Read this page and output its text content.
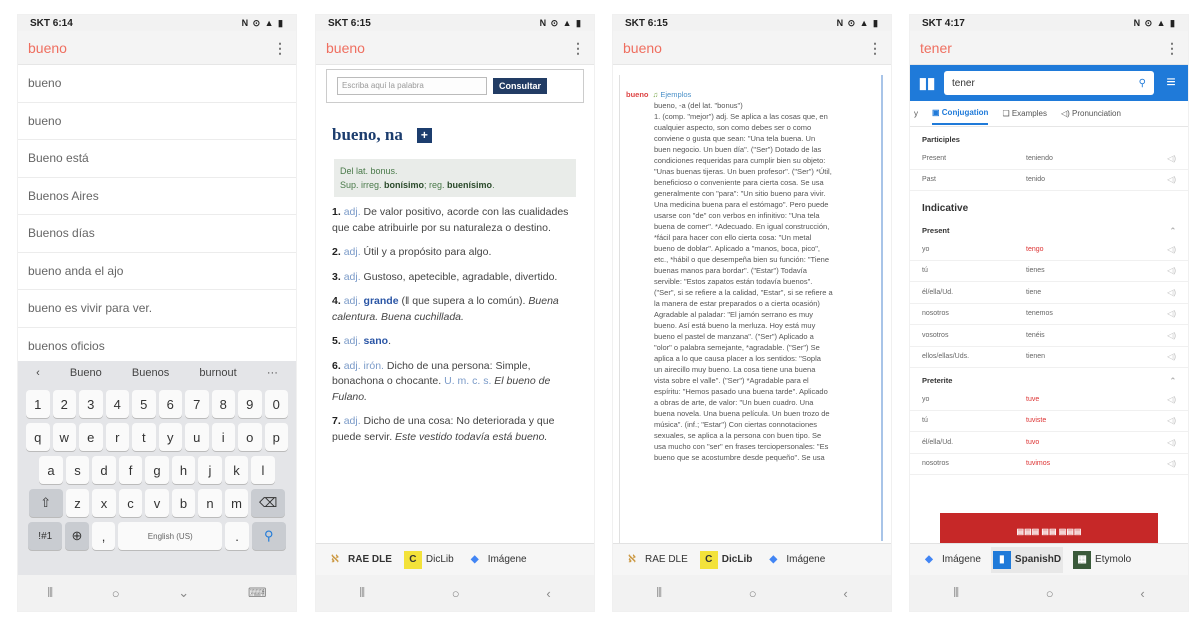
SKT 6:14	N ⊙ ▲ ▮
bueno	⋮
bueno
bueno
Bueno está
Buenos Aires
Buenos días
bueno anda el ajo
bueno es vivir para ver.
buenos oficios
‹	Bueno	Buenos	burnout	···
1	2	3	4	5	6	7	8	9	0
q	w	e	r	t	y	u	i	o	p
a	s	d	f	g	h	j	k	l
⇧	z	x	c	v	b	n	m	⌫
!#1	⊕	,	English (US)	.	⚲
⦀	○	⌄	⌨
SKT 6:15	N ⊙ ▲ ▮
bueno	⋮
Escriba aquí la palabra	Consultar
bueno, na	+
Del lat. bonus.
Sup. irreg. bonísimo; reg. buenísimo.

1. adj. De valor positivo, acorde con las cualidades que cabe atribuirle por su naturaleza o destino.

2. adj. Útil y a propósito para algo.

3. adj. Gustoso, apetecible, agradable, divertido.

4. adj. grande (‖ que supera a lo común). Buena calentura. Buena cuchillada.

5. adj. sano.

6. adj. irón. Dicho de una persona: Simple, bonachona o chocante. U. m. c. s. El bueno de Fulano.

7. adj. Dicho de una cosa: No deteriorada y que puede servir. Este vestido todavía está bueno.

ℵ RAE DLE	C DicLib	◆ Imágene
⦀	○	‹
SKT 6:15	N ⊙ ▲ ▮
bueno	⋮
bueno ♫ Ejemplos
bueno, -a (del lat. "bonus")
1. (comp. "mejor") adj. Se aplica a las cosas que, en
cualquier aspecto, son como debes ser o como
conviene o gusta que sean: "Una tela buena. Un
buen negocio. Un buen día". ("Ser") Dotado de las
condiciones requeridas para cumplir bien su objeto:
"Unas buenas tijeras. Un buen profesor". ("Ser") *Útil,
beneficioso o conveniente para cierta cosa. Se usa
generalmente con "para": "Un sitio bueno para vivir.
Una medicina buena para el estómago". Pero puede
usarse con "de" con verbos en infinitivo: "Una tela
buena de comer". *Adecuado. En igual construcción,
*fácil para hacer con ello cierta cosa: "Un metal
bueno de doblar". Aplicado a "manos, boca, pico",
etc., *hábil o que desempeña bien su función: "Tiene
buenas manos para bordar". ("Estar") Todavía
servible: "Estos zapatos están todavía buenos".
("Ser", si se refiere a la calidad, "Estar", si se refiere a
la manera de estar preparados o a cierta ocasión)
Agradable al paladar: "El jamón serrano es muy
bueno. Así está bueno la merluza. Hoy está muy
bueno el pastel de manzana". ("Ser") Aplicado a
"olor" o palabra semejante, *agradable. ("Ser") Se
aplica a lo que causa placer a los sentidos: "Sopla
un airecillo muy bueno. La cosa tiene una buena
vista sobre el valle". ("Ser") *Agradable para el
espíritu: "Hemos pasado una buena tarde". Aplicado
a obras de arte, de valor: "Un buen cuadro. Una
buena novela. Una buena película. Un buen trozo de
música". (inf.; "Estar") Con ciertas connotaciones
sexuales, se aplica a la persona con buen tipo. Se
usa mucho con "ser" en frases terciopersonales: "Es
bueno que se acostumbre desde pequeño". Se usa
ℵ RAE DLE	C DicLib	◆ Imágene
⦀	○	‹
SKT 4:17	N ⊙ ▲ ▮
tener	⋮
▮▮ tener	⚲	≡
y ▣ Conjugation ❑ Examples ◁) Pronunciation
Participles
Present	teniendo	◁)
Past	tenido	◁)
Indicative
Present	⌃
yo	tengo	◁)
tú	tienes	◁)
él/ella/Ud.	tiene	◁)
nosotros	tenemos	◁)
vosotros	tenéis	◁)
ellos/ellas/Uds.	tienen	◁)
Preterite	⌃
yo	tuve	◁)
tú	tuviste	◁)
él/ella/Ud.	tuvo	◁)
nosotros	tuvimos	◁)
▤▤▤ ▤▤ ▤▤▤
◆ Imágene	▮	SpanishD	▦ Etymolo
⦀	○	‹
